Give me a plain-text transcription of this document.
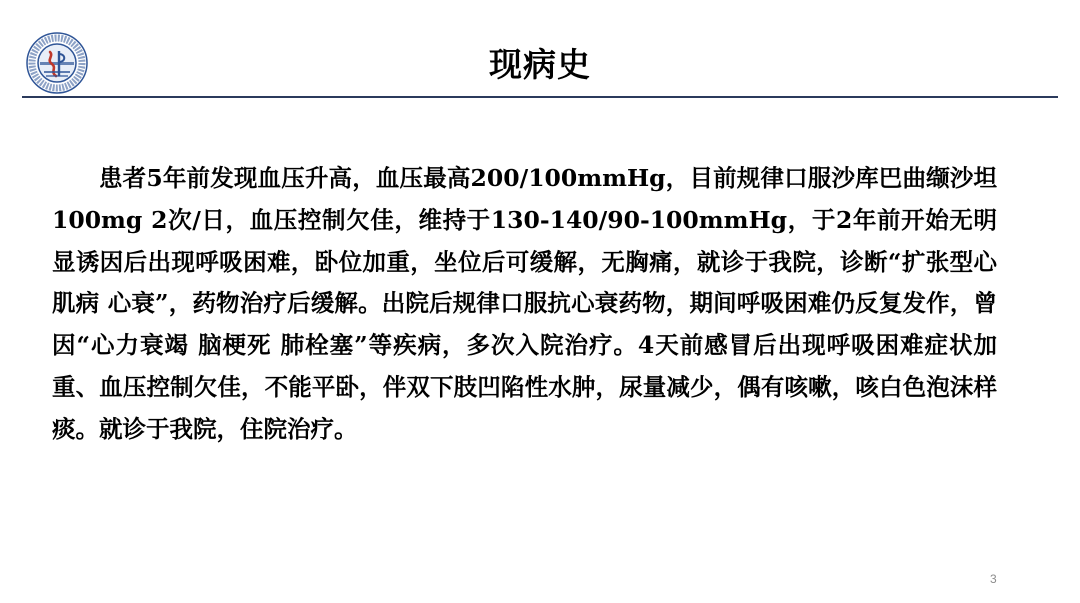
现病史

患者5年前发现血压升高，血压最高200/100mmHg，目前规律口服沙库巴曲缬沙坦 100mg 2次/日，血压控制欠佳，维持于130-140/90-100mmHg，于2年前开始无明显诱因后出现呼吸困难，卧位加重，坐位后可缓解，无胸痛，就诊于我院，诊断“扩张型心肌病 心衰”，药物治疗后缓解。出院后规律口服抗心衰药物，期间呼吸困难仍反复发作，曾因“心力衰竭 脑梗死 肺栓塞”等疾病，多次入院治疗。4天前感冒后出现呼吸困难症状加重、血压控制欠佳，不能平卧，伴双下肢凹陷性水肿，尿量减少，偶有咳嗽，咳白色泡沫样痰。就诊于我院，住院治疗。

3
